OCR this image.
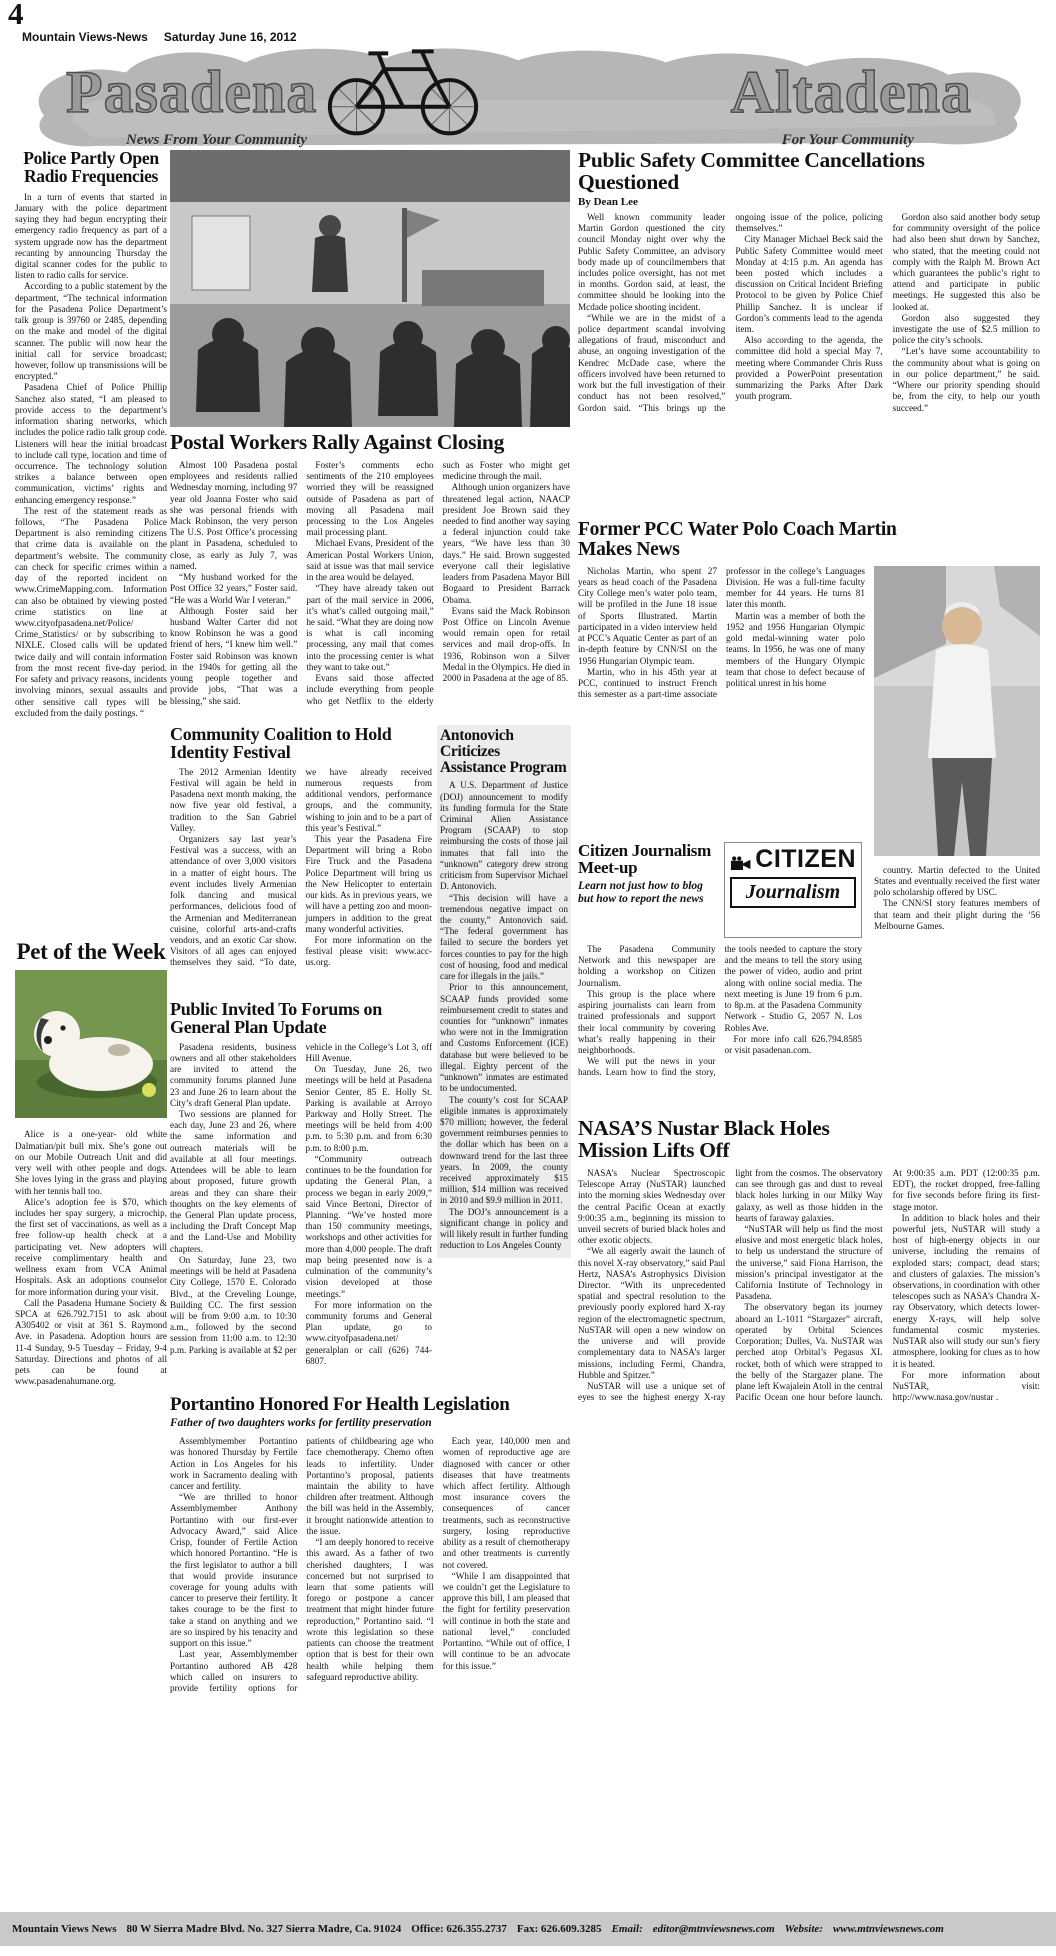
4
Mountain Views-News Saturday June 16, 2012
Pasadena	Altadena
News From Your Community	For Your Community
Police Partly Open Radio Frequencies

In a turn of events that started in January with the police department saying they had begun encrypting their emergency radio frequency as part of a system upgrade now has the department recanting by announcing Thursday the digital scanner codes for the public to listen to radio calls for service.

According to a public statement by the department, “The technical information for the Pasadena Police Department’s talk group is 39760 or 2485, depending on the make and model of the digital scanner. The public will now hear the initial call for service broadcast; however, follow up transmissions will be encrypted.”

Pasadena Chief of Police Phillip Sanchez also stated, “I am pleased to provide access to the department’s information sharing networks, which includes the police radio talk group code. Listeners will hear the initial broadcast to include call type, location and time of occurrence. The technology solution strikes a balance between open communication, victims’ rights and enhancing emergency response.”

The rest of the statement reads as follows, “The Pasadena Police Department is also reminding citizens that crime data is available on the department’s website. The community can check for specific crimes within a day of the reported incident on www.CrimeMapping.com. Information can also be obtained by viewing posted crime statistics on line at www.cityofpasadena.net/Police/ Crime_Statistics/ or by subscribing to NIXLE. Closed calls will be updated twice daily and will contain information from the most recent five-day period. For safety and privacy reasons, incidents involving minors, sexual assaults and other sensitive call types will be excluded from the daily postings. “

Pet of the Week

Alice is a one-year- old white Dalmatian/pit bull mix. She’s gone out on our Mobile Outreach Unit and did very well with other people and dogs. She loves lying in the grass and playing with her tennis ball too.

Alice’s adoption fee is $70, which includes her spay surgery, a microchip, the first set of vaccinations, as well as a free follow-up health check at a participating vet. New adopters will receive complimentary health and wellness exam from VCA Animal Hospitals. Ask an adoptions counselor for more information during your visit.

Call the Pasadena Humane Society & SPCA at 626.792.7151 to ask about A305402 or visit at 361 S. Raymond Ave. in Pasadena. Adoption hours are 11-4 Sunday, 9-5 Tuesday – Friday, 9-4 Saturday. Directions and photos of all pets can be found at www.pasadenahumane.org.

Postal Workers Rally Against Closing

Almost 100 Pasadena postal employees and residents rallied Wednesday morning, including 97 year old Joanna Foster who said she was personal friends with Mack Robinson, the very person The U.S. Post Office’s processing plant in Pasadena, scheduled to close, as early as July 7, was named.

“My husband worked for the Post Office 32 years,” Foster said. “He was a World War I veteran.”

Although Foster said her husband Walter Carter did not know Robinson he was a good friend of hers, “I knew him well.” Foster said Robinson was known in the 1940s for getting all the young people together and provide jobs, “That was a blessing,” she said.

Foster’s comments echo sentiments of the 210 employees worried they will be reassigned outside of Pasadena as part of moving all Pasadena mail processing to the Los Angeles mail processing plant.

Michael Evans, President of the American Postal Workers Union, said at issue was that mail service in the area would be delayed.

“They have already taken out part of the mail service in 2006, it’s what’s called outgoing mail,” he said. “What they are doing now is what is call incoming processing, any mail that comes into the processing center is what they want to take out.”

Evans said those affected include everything from people who get Netflix to the elderly such as Foster who might get medicine through the mail.

Although union organizers have threatened legal action, NAACP president Joe Brown said they needed to find another way saying a federal injunction could take years, “We have less than 30 days.” He said. Brown suggested everyone call their legislative leaders from Pasadena Mayor Bill Bogaard to President Barrack Obama.

Evans said the Mack Robinson Post Office on Lincoln Avenue would remain open for retail services and mail drop-offs. In 1936, Robinson won a Silver Medal in the Olympics. He died in 2000 in Pasadena at the age of 85.

Community Coalition to Hold Identity Festival

The 2012 Armenian Identity Festival will again be held in Pasadena next month making, the now five year old festival, a tradition to the San Gabriel Valley.

Organizers say last year’s Festival was a success, with an attendance of over 3,000 visitors in a matter of eight hours. The event includes lively Armenian folk dancing and musical performances, delicious food of the Armenian and Mediterranean cuisine, colorful arts-and-crafts vendors, and an exotic Car show. Visitors of all ages can enjoyed themselves they said. “To date, we have already received numerous requests from additional vendors, performance groups, and the community, wishing to join and to be a part of this year’s Festival.”

This year the Pasadena Fire Department will bring a Robo Fire Truck and the Pasadena Police Department will bring us the New Helicopter to entertain our kids. As in previous years, we will have a petting zoo and moon-jumpers in addition to the great many wonderful activities.

For more information on the festival please visit: www.acc-us.org.

Antonovich Criticizes Assistance Program

A U.S. Department of Justice (DOJ) announcement to modify its funding formula for the State Criminal Alien Assistance Program (SCAAP) to stop reimbursing the costs of those jail inmates that fall into the “unknown” category drew strong criticism from Supervisor Michael D. Antonovich.

“This decision will have a tremendous negative impact on the county,” Antonovich said. “The federal government has failed to secure the borders yet forces counties to pay for the high cost of housing, food and medical care for illegals in the jails.”

Prior to this announcement, SCAAP funds provided some reimbursement credit to states and counties for “unknown” inmates who were not in the Immigration and Customs Enforcement (ICE) database but were believed to be illegal. Eighty percent of the “unknown” inmates are estimated to be undocumented.

The county’s cost for SCAAP eligible inmates is approximately $70 million; however, the federal government reimburses pennies to the dollar which has been on a downward trend for the last three years. In 2009, the county received approximately $15 million, $14 million was received in 2010 and $9.9 million in 2011.

The DOJ’s announcement is a significant change in policy and will likely result in further funding reduction to Los Angeles County

Public Invited To Forums on General Plan Update

Pasadena residents, business owners and all other stakeholders are invited to attend the community forums planned June 23 and June 26 to learn about the City’s draft General Plan update.

Two sessions are planned for each day, June 23 and 26, where the same information and outreach materials will be available at all four meetings. Attendees will be able to learn about proposed, future growth areas and they can share their thoughts on the key elements of the General Plan update process, including the Draft Concept Map and the Land-Use and Mobility chapters.

On Saturday, June 23, two meetings will be held at Pasadena City College, 1570 E. Colorado Blvd., at the Creveling Lounge, Building CC. The first session will be from 9:00 a.m. to 10:30 a.m., followed by the second session from 11:00 a.m. to 12:30 p.m. Parking is available at $2 per vehicle in the College’s Lot 3, off Hill Avenue.

On Tuesday, June 26, two meetings will be held at Pasadena Senior Center, 85 E. Holly St. Parking is available at Arroyo Parkway and Holly Street. The meetings will be held from 4:00 p.m. to 5:30 p.m. and from 6:30 p.m. to 8:00 p.m.

“Community outreach continues to be the foundation for updating the General Plan, a process we began in early 2009,” said Vince Bertoni, Director of Planning. “We’ve hosted more than 150 community meetings, workshops and other activities for more than 4,000 people. The draft map being presented now is a culmination of the community’s vision developed at those meetings.”

For more information on the community forums and General Plan update, go to www.cityofpasadena.net/ generalplan or call (626) 744-6807.

Portantino Honored For Health Legislation
Father of two daughters works for fertility preservation

Assemblymember Portantino was honored Thursday by Fertile Action in Los Angeles for his work in Sacramento dealing with cancer and fertility.

“We are thrilled to honor Assemblymember Anthony Portantino with our first-ever Advocacy Award,” said Alice Crisp, founder of Fertile Action which honored Portantino. “He is the first legislator to author a bill that would provide insurance coverage for young adults with cancer to preserve their fertility. It takes courage to be the first to take a stand on anything and we are so inspired by his tenacity and support on this issue.”

Last year, Assemblymember Portantino authored AB 428 which called on insurers to provide fertility options for patients of childbearing age who face chemotherapy. Chemo often leads to infertility. Under Portantino’s proposal, patients maintain the ability to have children after treatment. Although the bill was held in the Assembly, it brought nationwide attention to the issue.

“I am deeply honored to receive this award. As a father of two cherished daughters, I was concerned but not surprised to learn that some patients will forego or postpone a cancer treatment that might hinder future reproduction,” Portantino said. “I wrote this legislation so these patients can choose the treatment option that is best for their own health while helping them safeguard reproductive ability.

Each year, 140,000 men and women of reproductive age are diagnosed with cancer or other diseases that have treatments which affect fertility. Although most insurance covers the consequences of cancer treatments, such as reconstructive surgery, losing reproductive ability as a result of chemotherapy and other treatments is currently not covered.

“While I am disappointed that we couldn’t get the Legislature to approve this bill, I am pleased that the fight for fertility preservation will continue in both the state and national level,” concluded Portantino. “While out of office, I will continue to be an advocate for this issue.”

Public Safety Committee Cancellations Questioned
By Dean Lee

Well known community leader Martin Gordon questioned the city council Monday night over why the Public Safety Committee, an advisory body made up of councilmembers that includes police oversight, has not met in months. Gordon said, at least, the committee should be looking into the Mcdade police shooting incident.

“While we are in the midst of a police department scandal involving allegations of fraud, misconduct and abuse, an ongoing investigation of the Kendrec McDade case, where the officers involved have been returned to work but the full investigation of their conduct has not been resolved,” Gordon said. “This brings up the ongoing issue of the police, policing themselves.”

City Manager Michael Beck said the Public Safety Committee would meet Monday at 4:15 p.m. An agenda has been posted which includes a discussion on Critical Incident Briefing Protocol to be given by Police Chief Phillip Sanchez. It is unclear if Gordon’s comments lead to the agenda item.

Also according to the agenda, the committee did hold a special May 7, meeting where Commander Chris Russ provided a PowerPoint presentation summarizing the Parks After Dark youth program.

Gordon also said another body setup for community oversight of the police had also been shut down by Sanchez, who stated, that the meeting could not comply with the Ralph M. Brown Act which guarantees the public’s right to attend and participate in public meetings. He suggested this also be looked at.

Gordon also suggested they investigate the use of $2.5 million to police the city’s schools.

“Let’s have some accountability to the community about what is going on in our police department,” he said. “Where our priority spending should be, from the city, to help our youth succeed.”

Former PCC Water Polo Coach Martin Makes News

Nicholas Martin, who spent 27 years as head coach of the Pasadena City College men’s water polo team, will be profiled in the June 18 issue of Sports Illustrated. Martin participated in a video interview held at PCC’s Aquatic Center as part of an in-depth feature by CNN/SI on the 1956 Hungarian Olympic team.

Martin, who in his 45th year at PCC, continued to instruct French this semester as a part-time associate professor in the college’s Languages Division. He was a full-time faculty member for 44 years. He turns 81 later this month.

Martin was a member of both the 1952 and 1956 Hungarian Olympic gold medal-winning water polo teams. In 1956, he was one of many members of the Hungary Olympic team that chose to defect because of political unrest in his home

country. Martin defected to the United States and eventually received the first water polo scholarship offered by USC.

The CNN/SI story features members of that team and their plight during the ’56 Melbourne Games.

Citizen Journalism Meet-up
Learn not just how to blog but how to report the news
CITIZEN
Journalism

The Pasadena Community Network and this newspaper are holding a workshop on Citizen Journalism.

This group is the place where aspiring journalists can learn from trained professionals and support their local community by covering what’s really happening in their neighborhoods.

We will put the news in your hands. Learn how to find the story, the tools needed to capture the story and the means to tell the story using the power of video, audio and print along with online social media. The next meeting is June 19 from 6 p.m. to 8p.m. at the Pasadena Community Network - Studio G, 2057 N. Los Robles Ave.

For more info call 626.794.8585 or visit pasadenan.com.

NASA’S Nustar Black Holes Mission Lifts Off

NASA’s Nuclear Spectroscopic Telescope Array (NuSTAR) launched into the morning skies Wednesday over the central Pacific Ocean at exactly 9:00:35 a.m., beginning its mission to unveil secrets of buried black holes and other exotic objects.

“We all eagerly await the launch of this novel X-ray observatory,” said Paul Hertz, NASA’s Astrophysics Division Director. “With its unprecedented spatial and spectral resolution to the previously poorly explored hard X-ray region of the electromagnetic spectrum, NuSTAR will open a new window on the universe and will provide complementary data to NASA’s larger missions, including Fermi, Chandra, Hubble and Spitzer.”

NuSTAR will use a unique set of eyes to see the highest energy X-ray light from the cosmos. The observatory can see through gas and dust to reveal black holes lurking in our Milky Way galaxy, as well as those hidden in the hearts of faraway galaxies.

“NuSTAR will help us find the most elusive and most energetic black holes, to help us understand the structure of the universe,” said Fiona Harrison, the mission’s principal investigator at the California Institute of Technology in Pasadena.

The observatory began its journey aboard an L-1011 “Stargazer” aircraft, operated by Orbital Sciences Corporation; Dulles, Va. NuSTAR was perched atop Orbital’s Pegasus XL rocket, both of which were strapped to the belly of the Stargazer plane. The plane left Kwajalein Atoll in the central Pacific Ocean one hour before launch. At 9:00:35 a.m. PDT (12:00:35 p.m. EDT), the rocket dropped, free-falling for five seconds before firing its first-stage motor.

In addition to black holes and their powerful jets, NuSTAR will study a host of high-energy objects in our universe, including the remains of exploded stars; compact, dead stars; and clusters of galaxies. The mission’s observations, in coordination with other telescopes such as NASA’s Chandra X-ray Observatory, which detects lower-energy X-rays, will help solve fundamental cosmic mysteries. NuSTAR also will study our sun’s fiery atmosphere, looking for clues as to how it is heated.

For more information about NuSTAR, visit: http://www.nasa.gov/nustar .

Mountain Views News 80 W Sierra Madre Blvd. No. 327 Sierra Madre, Ca. 91024 Office: 626.355.2737 Fax: 626.609.3285 Email: editor@mtnviewsnews.com Website: www.mtnviewsnews.com
